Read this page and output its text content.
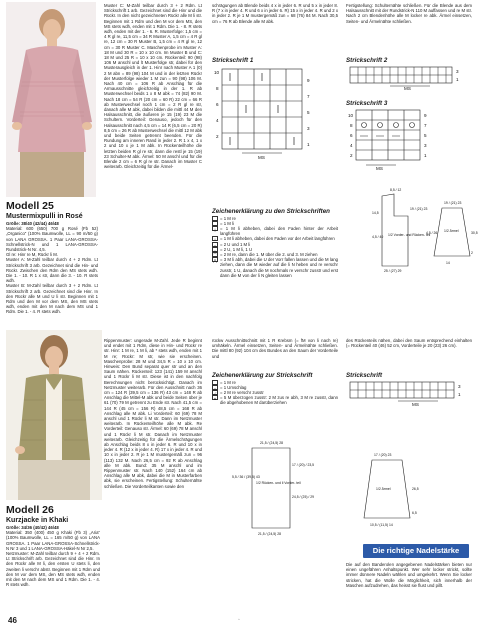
Modell 25

Mustermixpulli in Rosé

Größe: 38/40 (42/44) 46/48

Material: 600 (650) 700 g Rosé (Fb 52) „Organico“ (100% Baumwolle, LL = 90 m/50 g) von LANA GROSSA. 1 Paar LANA-GROSSA-Schnellstrick-N und 1 LANA-GROSSA-Rundstrick-N Nr. 4,5.

Gl re: Hinr re M, Rückr li M.

Muster A: M-Zahl teilbar durch 4 + 2 Rdm. Lt Strickschrift 3 arb. Gezeichnet sind die Hin- und Rückr. Zwischen den Rdm den MS stets wdh. Die 1. - 10. R 1 x str, dann die 3. - 10. R stets wdh.

Muster B: M-Zahl teilbar durch 3 + 2 Rdm. Lt Strickschrift 2 arb. Gezeichnet sind die Hinr. In den Rückr alle M und U li str. Beginnen mit 1 Rdm und den M vor dem MS, den MS stets wdh, enden mit den M nach dem MS und 1 Rdm. Die 1. - 4. R stets wdh.

Muster C: M-Zahl teilbar durch 3 + 2 Rdm. Lt Strickschrift 1 arb. Gezeichnet sind die Hinr und die Rückr. In den nicht gezeichneten Rückr alle M li str. Beginnen mit 1 Rdm und den M vor dem MS, den MS stets wdh, enden mit 1 Rdm. Die 1. - 8. R stets wdh, enden mit der 1. - 6. R. Musterfolge: 1,5 cm = 4 R gl re, 11,5 cm = 34 R Muster A, 1,5 cm = 4 R gl re, 12 cm = 30 R Muster B, 1,5 cm = 4 R gl re, 12 cm = 30 R Muster C. Maschenprobe im Muster A: 18 M und 30 R = 10 x 10 cm. Im Muster B und C: 18 M und 25 R = 10 x 10 cm. Rückenteil: 90 (98) 106 M anschl und lt Musterfolge str, dabei für den Musterausgleich in der 1. Hinr nach Muster A 1 (0) 2 M abn = 89 (98) 104 M und in der letzten Rückr der Musterfolge wieder 1 M zun = 90 (98) 106 M. Nach 40 cm = 106 R ab Anschlag für die Armausschnitte gleichzeitig in der 1. R ab Musterwechsel beids 1 x 8 M abk = 74 (82) 90 M. Nach 18 cm = 54 R (20 cm = 60 R) 22 cm = 66 R ab Musterwechsel noch 1 cm = 2 R gl re str, danach alle M abk, dabei bilden die mittl 44 M den Halsausschnitt, die äußeren je 15 (19) 23 M die Schultern. Vorderteil: Genauso, jedoch für den Halsausschnitt nach 4,5 cm = 14 R (6,5 cm = 20 R) 8,5 cm = 26 R ab Musterwechsel die mittl 12 M abk und beide Seiten getrennt beenden. Für die Rundung am inneren Rand in jeder 2. R 1 x 4, 1 x 2 und 10 x je 1 M abk. In Rückenteilhöhe die letzten beiden R gl re str, dann die restl je 15 (19) 23 Schulter-M abk. Ärmel: 50 M anschl und für die Blende 2 cm = 6 R gl re str. Danach im Muster C weiterarb. Gleichzeitig für die Ärmel-

schrägungen ab Blende beids 4 x in jeder 6. R und 5 x in jeder 8. R (7 x in jeder 4. R und 6 x in jeder 6. R) 15 x in jeder 4. R und 2 x in jeder 2. R je 1 M mustergemäß zun = 68 (76) 84 M. Nach 30,5 cm = 76 R ab Blende alle M abk.

Fertigstellung: Schulternähte schließen. Für die Blende aus dem Halsausschnitt mit der Rundstrick-N 110 M auffassen und re M str. Nach 2 cm Blendenhöhe alle M locker re abk. Ärmel einsetzen, Seiten- und Ärmelnähte schließen.

Strickschrift 1

10
8
6
4
2
9
7
5
3
1
MS

Strickschrift 2

3
1
MS

Strickschrift 3

10
8
6
4
2
9
7
5
3
1
MS

Zeichenerklärung zu den Strickschriften

= 1 M re
– = 1 M li
|	= 1 M li abheben, dabei den Faden hinter der Arbeit langführen
ǀ	= 1 M li abheben, dabei den Faden vor der Arbeit langführen
○ = 2 U und 1 M li
◦ = 2 U, 1 M li, 1 U
⌒ = 2 M re, dann die 1. M über die 2. und 3. M ziehen
⋀ = 3 M li abh, dabei die U der Vorr fallen lassen und die M lang ziehen, dann die M wieder auf die li N heben und re verschr zusstr, 1 U, danach die M nochmals re verschr zusstr und erst dann die M von der li N gleiten lassen
8,5 / 12
14,5
19 / (21) 23
4,5 / 40
25 / (27) 29
1/2 Vorder- und Rücken- teil
1/2 Ärmel
19 / (21) 23
30,5
4,5 / 26
14
2

Modell 26

Kurzjacke in Khaki

Größe: 34/36 (40/42) 46/48

Material: 350 (400) 450 g Khaki (Fb 3) „Aria“ (100% Baumwolle, LL = 165 m/50 g) von LANA GROSSA. 1 Paar LANA-GROSSA-Schnellstrick-N Nr 3 und 1 LANA-GROSSA-Häkel-N Nr 2,5.

Netzmuster: M-Zahl teilbar durch 9 + 4 + 2 Rdm. Lt Strickschrift arb. Gezeichnet sind die Hinr. In den Rückr alle M li, den ersten U stets li, den zweiten li verschr abstr. Beginnen mit 1 Rdm und den M vor dem MS, den MS stets wdh, enden mit den M nach dem MS und 1 Rdm. Die 1. - 4. R stets wdh.

Rippenmuster: ungerade M-Zahl. Jede R beginnt und endet mit 1 Rdm, diese in Hin- und Rückr re str. Hinr: 1 M re, 1 M li, ab * stets wdh, enden mit 1 M re; Rückr: M str, wie sie erscheinen. Maschenprobe: 28 M und 34,5 R = 10 x 10 cm. Hinweis: Den Bund separat quer str und an den Saum nähen. Rückenteil: 123 (141) 159 M anschl und 1 Rückr li M str. Diese ist in den nachfolg Berechnungen nicht berücksichtigt. Danach im Netzmuster weiterarb. Für den Ausschnitt nach 36 cm = 124 R (39,5 cm = 136 R) 43 cm = 148 R ab Anschlag die Mittel-M abk und beide Seiten über je 61 (70) 79 M getrennt zu Ende str. Nach 41,5 cm = 144 R (45 cm = 156 R) 48,5 cm = 168 R ab Anschlag alle M abk. Li Vorderteil: 60 (69) 78 M anschl und 1 Rückr li M str. Dann im Netzmuster weiterarb. In Rückenteilhöhe alle M abk. Re Vorderteil: Genauso str. Ärmel: 60 (69) 78 M anschl und 1 Rückr li M str. Danach im Netzmuster weiterarb. Gleichzeitig für die Ärmelschrägungen ab Anschlag beids 8 x in jeder 6. R und 10 x in jeder 4. R (12 x in jeder 4. R) 17 x in jeder 4. R und 10 x in jeder 2. R je 1 M mustergemäß zun = 96 (113) 132 M. Nach 26,5 cm = 92 R ab Anschlag alle M abk. Bund: 35 M anschl und im Rippenmuster str. Nach 140 (152) 164 cm ab Anschlag alle M abk, dabei die M in Musterfarben abk, sie erscheinen. Fertigstellung: Schulternähte schließen. Die Vorderteilkanten sowie den

rückw Ausschnittschnitt mit 1 R Krebsm (= fM von li nach re) umhäkeln. Ärmel einsetzen, Seiten- und Ärmelnähte schließen. Die mittl 80 (92) 104 cm des Bundes an den Saum der Vorderteile und

des Rückenteils nähen, dabei den Saum entsprechend einhalten (= Rückenteil 40 (46) 52 cm, Vorderteile je 20 (23) 26 cm).

Zeichenerklärung zur Strickschrift

= 1 M re
○ = 1 Umschlag
⟋ = 2 M re verschr zusstr
▲ = 5 M überzogen zusstr: 2 M zus re abh, 3 M re zusstr, dann die abgehobenen M darüberziehen

Strickschrift

3
1
MS
21,5 / (24,5) 28
5,5 / 36 / (39,5) 43
1/2 Rücken- und li Vorder- teil
17 / (20) / 23,5
24,5 / (25) / 29
21,5 / (24,5) 28
1/2 Ärmel
17 / (20) 23
26,5
10,5 / (11,5) 14
6,5
Die richtige Nadelstärke

Die auf den Banderolen angegebenen Nadelstärken bieten nur einen ungefähren Anhaltspunkt. Wer sehr locker strickt, sollte immer dünnere Nadeln wählen und umgekehrt. Wenn Sie locker stricken, hat die Wolle die Möglichkeit, sich innerhalb der Maschen aufzudrehen, das heisst sie flust und pillt.

46	◦
